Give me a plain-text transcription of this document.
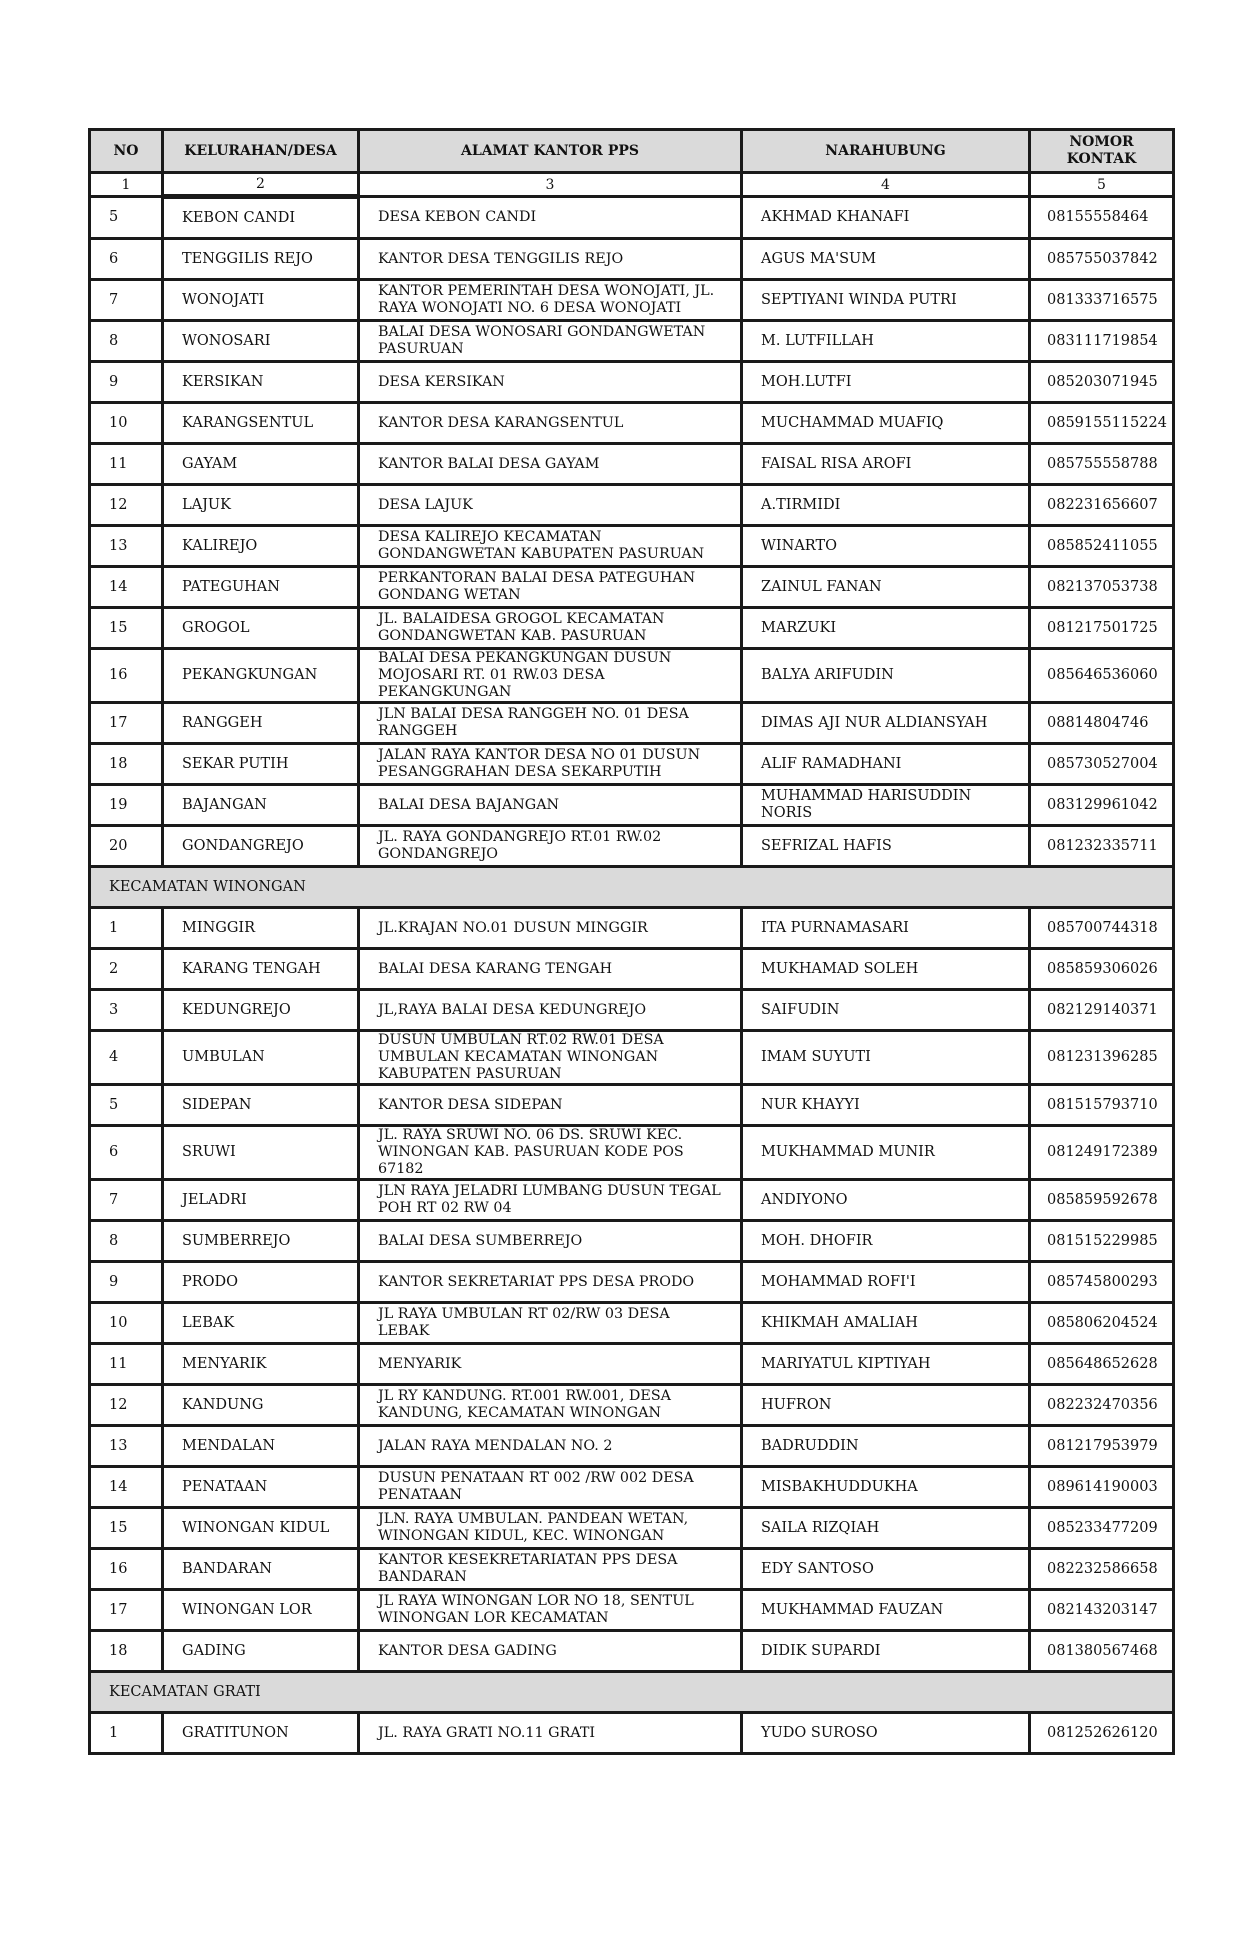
NO	KELURAHAN/DESA	ALAMAT KANTOR PPS	NARAHUBUNG	NOMOR KONTAK
1	2	3	4	5
5	KEBON CANDI	DESA KEBON CANDI	AKHMAD KHANAFI	08155558464
6	TENGGILIS REJO	KANTOR DESA TENGGILIS REJO	AGUS MA'SUM	085755037842
7	WONOJATI	KANTOR PEMERINTAH DESA WONOJATI, JL. RAYA WONOJATI NO. 6 DESA WONOJATI	SEPTIYANI WINDA PUTRI	081333716575
8	WONOSARI	BALAI DESA WONOSARI GONDANGWETAN PASURUAN	M. LUTFILLAH	083111719854
9	KERSIKAN	DESA KERSIKAN	MOH.LUTFI	085203071945
10	KARANGSENTUL	KANTOR DESA KARANGSENTUL	MUCHAMMAD MUAFIQ	0859155115224
11	GAYAM	KANTOR BALAI DESA GAYAM	FAISAL RISA AROFI	085755558788
12	LAJUK	DESA LAJUK	A.TIRMIDI	082231656607
13	KALIREJO	DESA KALIREJO KECAMATAN GONDANGWETAN KABUPATEN PASURUAN	WINARTO	085852411055
14	PATEGUHAN	PERKANTORAN BALAI DESA PATEGUHAN GONDANG WETAN	ZAINUL FANAN	082137053738
15	GROGOL	JL. BALAIDESA GROGOL KECAMATAN GONDANGWETAN KAB. PASURUAN	MARZUKI	081217501725
16	PEKANGKUNGAN	BALAI DESA PEKANGKUNGAN DUSUN MOJOSARI RT. 01 RW.03 DESA PEKANGKUNGAN	BALYA ARIFUDIN	085646536060
17	RANGGEH	JLN BALAI DESA RANGGEH NO. 01 DESA RANGGEH	DIMAS AJI NUR ALDIANSYAH	08814804746
18	SEKAR PUTIH	JALAN RAYA KANTOR DESA NO 01 DUSUN PESANGGRAHAN DESA SEKARPUTIH	ALIF RAMADHANI	085730527004
19	BAJANGAN	BALAI DESA BAJANGAN	MUHAMMAD HARISUDDIN NORIS	083129961042
20	GONDANGREJO	JL. RAYA GONDANGREJO RT.01 RW.02 GONDANGREJO	SEFRIZAL HAFIS	081232335711
KECAMATAN WINONGAN				
1	MINGGIR	JL.KRAJAN NO.01 DUSUN MINGGIR	ITA PURNAMASARI	085700744318
2	KARANG TENGAH	BALAI DESA KARANG TENGAH	MUKHAMAD SOLEH	085859306026
3	KEDUNGREJO	JL,RAYA BALAI DESA KEDUNGREJO	SAIFUDIN	082129140371
4	UMBULAN	DUSUN UMBULAN RT.02 RW.01 DESA UMBULAN KECAMATAN WINONGAN KABUPATEN PASURUAN	IMAM SUYUTI	081231396285
5	SIDEPAN	KANTOR DESA SIDEPAN	NUR KHAYYI	081515793710
6	SRUWI	JL. RAYA SRUWI NO. 06 DS. SRUWI KEC. WINONGAN KAB. PASURUAN KODE POS 67182	MUKHAMMAD MUNIR	081249172389
7	JELADRI	JLN RAYA JELADRI LUMBANG DUSUN TEGAL POH RT 02 RW 04	ANDIYONO	085859592678
8	SUMBERREJO	BALAI DESA SUMBERREJO	MOH. DHOFIR	081515229985
9	PRODO	KANTOR SEKRETARIAT PPS DESA PRODO	MOHAMMAD ROFI'I	085745800293
10	LEBAK	JL RAYA UMBULAN RT 02/RW 03 DESA LEBAK	KHIKMAH AMALIAH	085806204524
11	MENYARIK	MENYARIK	MARIYATUL KIPTIYAH	085648652628
12	KANDUNG	JL RY KANDUNG. RT.001 RW.001, DESA KANDUNG, KECAMATAN WINONGAN	HUFRON	082232470356
13	MENDALAN	JALAN RAYA MENDALAN NO. 2	BADRUDDIN	081217953979
14	PENATAAN	DUSUN PENATAAN RT 002 /RW 002 DESA PENATAAN	MISBAKHUDDUKHA	089614190003
15	WINONGAN KIDUL	JLN. RAYA UMBULAN. PANDEAN WETAN, WINONGAN KIDUL, KEC. WINONGAN	SAILA RIZQIAH	085233477209
16	BANDARAN	KANTOR KESEKRETARIATAN PPS DESA BANDARAN	EDY SANTOSO	082232586658
17	WINONGAN LOR	JL RAYA WINONGAN LOR NO 18, SENTUL WINONGAN LOR KECAMATAN	MUKHAMMAD FAUZAN	082143203147
18	GADING	KANTOR DESA GADING	DIDIK SUPARDI	081380567468
KECAMATAN GRATI				
1	GRATITUNON	JL. RAYA GRATI NO.11 GRATI	YUDO SUROSO	081252626120
